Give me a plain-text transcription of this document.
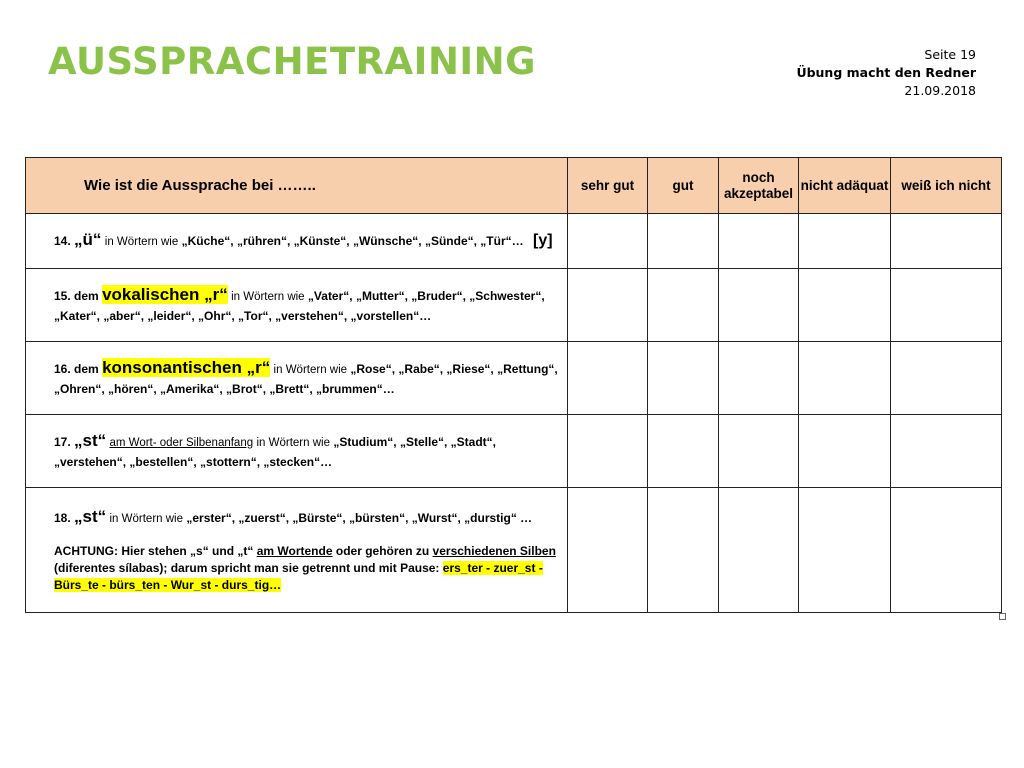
AUSSPRACHETRAINING	Seite 19
Übung macht den Redner
21.09.2018
Wie ist die Aussprache bei ……..	sehr gut	gut	noch akzeptabel	nicht adäquat	weiß ich nicht
14. „ü“ in Wörtern wie „Küche“, „rühren“, „Künste“, „Wünsche“, „Sünde“, „Tür“… [y]					
15. dem vokalischen „r“ in Wörtern wie „Vater“, „Mutter“, „Bruder“, „Schwester“,
„Kater“, „aber“, „leider“, „Ohr“, „Tor“, „verstehen“, „vorstellen“…					
16. dem konsonantischen „r“ in Wörtern wie „Rose“, „Rabe“, „Riese“, „Rettung“,
„Ohren“, „hören“, „Amerika“, „Brot“, „Brett“, „brummen“…					
17. „st“ am Wort- oder Silbenanfang in Wörtern wie „Studium“, „Stelle“, „Stadt“,
„verstehen“, „bestellen“, „stottern“, „stecken“…					

18. „st“ in Wörtern wie „erster“, „zuerst“, „Bürste“, „bürsten“, „Wurst“, „durstig“ …
ACHTUNG: Hier stehen „s“ und „t“ am Wortende oder gehören zu verschiedenen Silben (diferentes sílabas); darum spricht man sie getrennt und mit Pause: ers_ter - zuer_st - Bürs_te - bürs_ten - Wur_st - durs_tig…					
